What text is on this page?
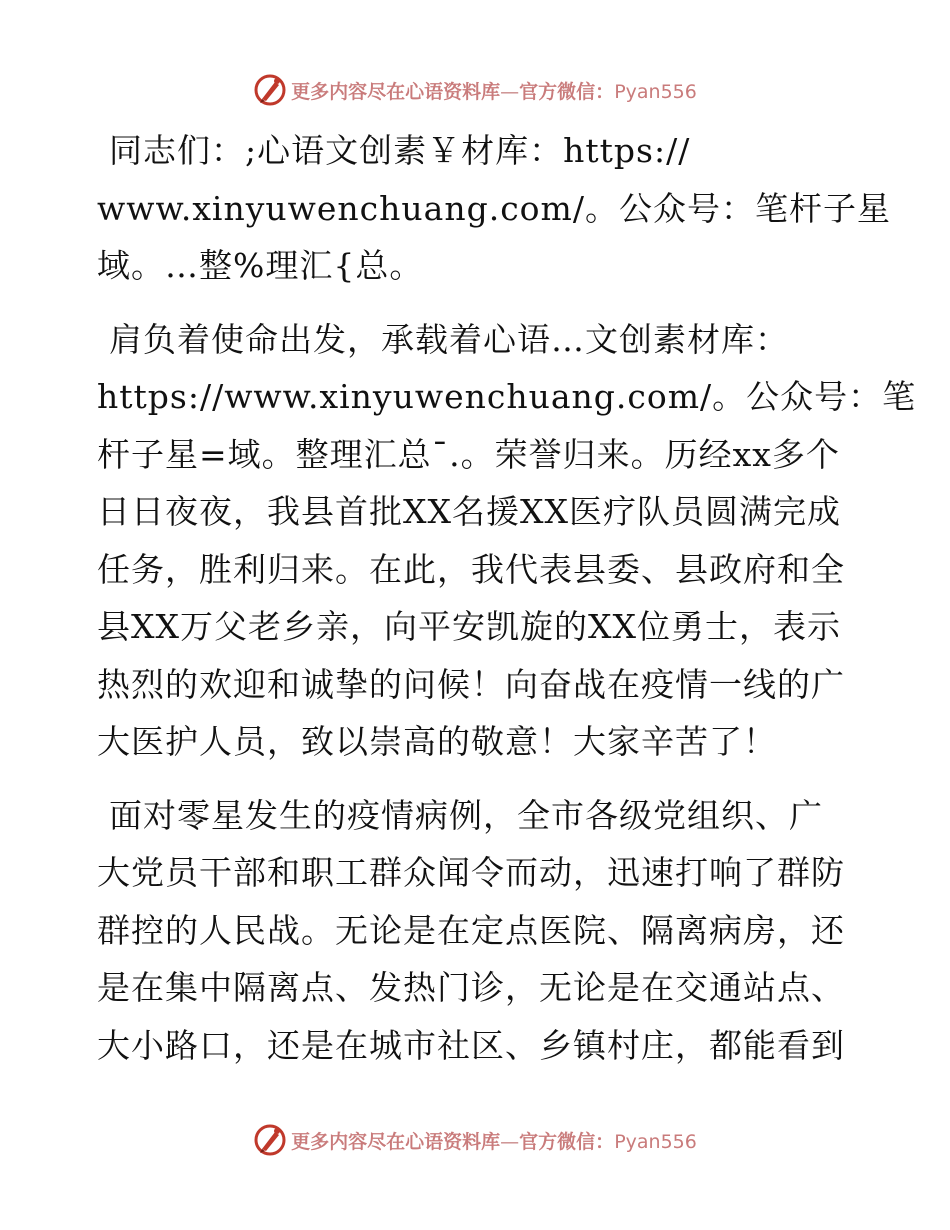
更多内容尽在心语资料库—官方微信：Pyan556

同志们：;心语文创素￥材库：https://
www.xinyuwenchuang.com/。公众号：笔杆子星
域。…整%理汇{总。

肩负着使命出发，承载着心语…文创素材库：
https://www.xinyuwenchuang.com/。公众号：笔
杆子星=域。整理汇总¯.。荣誉归来。历经xx多个
日日夜夜，我县首批XX名援XX医疗队员圆满完成
任务，胜利归来。在此，我代表县委、县政府和全
县XX万父老乡亲，向平安凯旋的XX位勇士，表示
热烈的欢迎和诚挚的问候！向奋战在疫情一线的广
大医护人员，致以崇高的敬意！大家辛苦了！

面对零星发生的疫情病例，全市各级党组织、广
大党员干部和职工群众闻令而动，迅速打响了群防
群控的人民战。无论是在定点医院、隔离病房，还
是在集中隔离点、发热门诊，无论是在交通站点、
大小路口，还是在城市社区、乡镇村庄，都能看到

更多内容尽在心语资料库—官方微信：Pyan556
